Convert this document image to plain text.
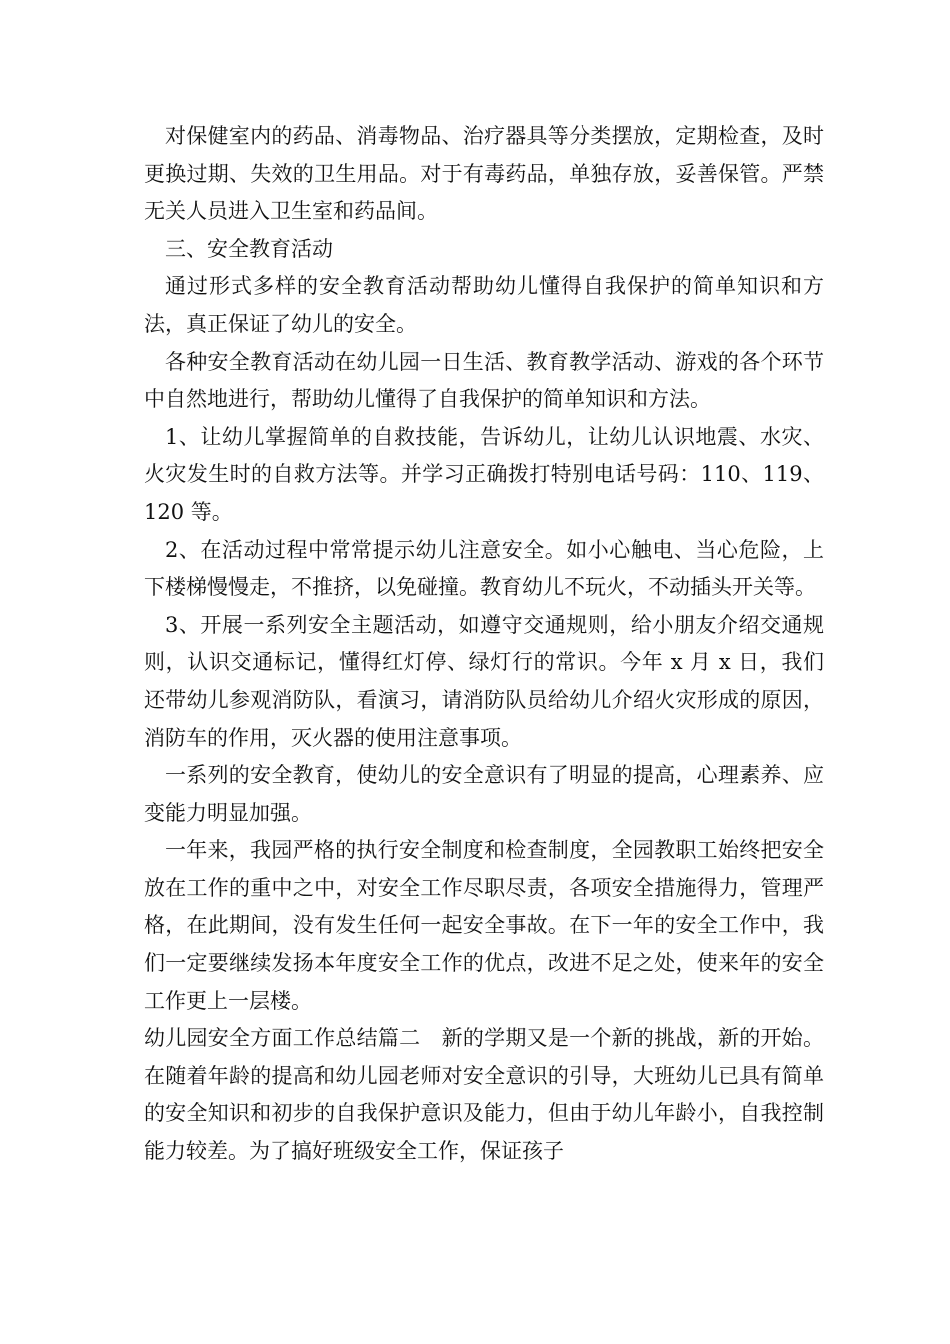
对保健室内的药品、消毒物品、治疗器具等分类摆放，定期检查，及时更换过期、失效的卫生用品。对于有毒药品，单独存放，妥善保管。严禁无关人员进入卫生室和药品间。

三、安全教育活动

通过形式多样的安全教育活动帮助幼儿懂得自我保护的简单知识和方法，真正保证了幼儿的安全。

各种安全教育活动在幼儿园一日生活、教育教学活动、游戏的各个环节中自然地进行，帮助幼儿懂得了自我保护的简单知识和方法。

1、让幼儿掌握简单的自救技能，告诉幼儿，让幼儿认识地震、水灾、火灾发生时的自救方法等。并学习正确拨打特别电话号码：110、119、120 等。

2、在活动过程中常常提示幼儿注意安全。如小心触电、当心危险，上下楼梯慢慢走，不推挤，以免碰撞。教育幼儿不玩火，不动插头开关等。

3、开展一系列安全主题活动，如遵守交通规则，给小朋友介绍交通规则，认识交通标记，懂得红灯停、绿灯行的常识。今年 x 月 x 日，我们还带幼儿参观消防队，看演习，请消防队员给幼儿介绍火灾形成的原因，消防车的作用，灭火器的使用注意事项。

一系列的安全教育，使幼儿的安全意识有了明显的提高，心理素养、应变能力明显加强。

一年来，我园严格的执行安全制度和检查制度，全园教职工始终把安全放在工作的重中之中，对安全工作尽职尽责，各项安全措施得力，管理严格，在此期间，没有发生任何一起安全事故。在下一年的安全工作中，我们一定要继续发扬本年度安全工作的优点，改进不足之处，使来年的安全工作更上一层楼。

幼儿园安全方面工作总结篇二　新的学期又是一个新的挑战，新的开始。在随着年龄的提高和幼儿园老师对安全意识的引导，大班幼儿已具有简单的安全知识和初步的自我保护意识及能力，但由于幼儿年龄小，自我控制能力较差。为了搞好班级安全工作，保证孩子
